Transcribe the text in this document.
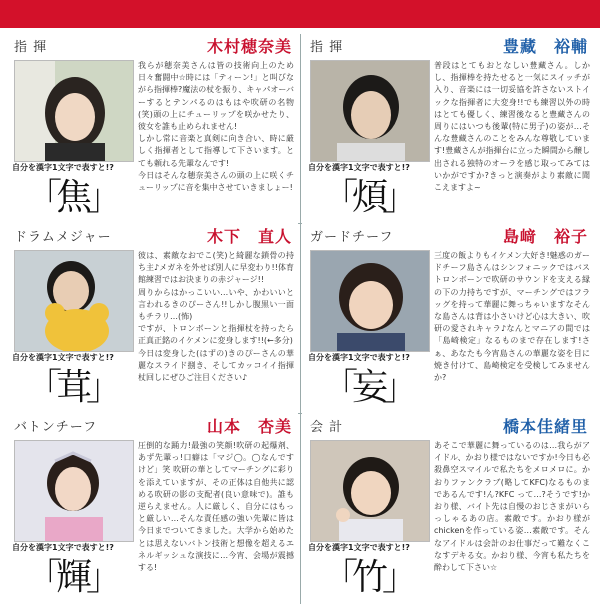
指 揮	木村穂奈美
自分を漢字1文字で表すと!?
「
焦
」
我らが穂奈美さんは皆の技術向上のため日々奮闘中☆時には「ティーン!」と叫びながら指揮棒?魔法の杖を振り、キャパオーバーするとテンパるのはもはや吹研の名物(笑)頭の上にチューリップを咲かせたり、彼女を誰も止められません!
しかし常に音楽と真剣に向き合い、時に厳しく指揮者として指導して下さいます。とても頼れる先輩なんです!
今日はそんな穂奈美さんの頭の上に咲くチューリップに音を集中させていきましょー!
指 揮	豊藏　裕輔
自分を漢字1文字で表すと!?
「
煩
」
普段はとてもおとなしい豊藏さん。しかし、指揮棒を持たせると一気にスイッチが入り、音楽には一切妥協を許さないストイックな指揮者に大変身!!でも練習以外の時はとても優しく、練習後なると豊藏さんの周りにはいつも後輩(特に男子)の姿が…そんな豊藏さんのことをみんな尊敬しています!豊藏さんが指揮台に立った瞬間から醸し出される独特のオーラを感じ取ってみてはいかがですか?きっと演奏がより素敵に聞こえますよ~
ドラムメジャー	木下　直人
自分を漢字1文字で表すと!?
「
茸
」
彼は、素敵なおでこ(笑)と綺麗な鎖骨の持ち主♪メガネを外せば別人に早変わり!!体育館練習ではお決まりの赤ジャージ!!
周りからはかっこいい…いや、かわいいと言われるきのぴーさん!!しかし腹黒い一面もチラリ…(怖)
ですが、トロンボーンと指揮杖を持ったら正真正銘のイケメンに変身します!!(←多分)
今日は変身した(はずの)きのぴーさんの華麗なスライド捌き、そしてカッコイイ指揮杖回しにぜひご注目ください♪
ガードチーフ	島﨑　裕子
自分を漢字1文字で表すと!?
「
妄
」
三度の飯よりもイケメン大好き!魅惑のガードチーフ島さんはシンフォニックではバストロンボーンで吹研のサウンドを支える縁の下の力持ちですが、マーチングではフラッグを持って華麗に舞っちゃいますなそんな島さんは背は小さいけど心は大きい、吹研の愛されキャラ♪なんとマニアの間では「島崎検定」なるものまで存在します!さぁ、あなたも今宵島さんの華麗な姿を目に焼き付けて、島崎検定を受検してみませんか?
バトンチーフ	山本　杏美
自分を漢字1文字で表すと!?
「
輝
」
圧倒的な踊力!最強の笑顔!吹研の起爆剤、あず先輩っ!口癖は「マジ◯。◯なんですけど」笑 吹研の華としてマーチングに彩りを添えていますが、その正体は自他共に認める吹研の影の支配者(良い意味で)。誰も逆らえません。人に厳しく、自分にはもっと厳しい…そんな責任感の強い先輩に皆は今日までついてきました。大学から始めたとは思えないバトン技術と想像を超えるエネルギッシュな演技に…今宵、会場が震撼する!
会 計	橋本佳緒里
自分を漢字1文字で表すと!?
「
竹
」
あそこで華麗に舞っているのは…我らがアイドル、かおり様ではないですか!今日も必殺鼻空スマイルで私たちをメロメロに。かおりファンクラブ(略してKFC)なるものまであるんです!ん?KFC って…?そうです!かおり様、バイト先は自慢のおじさまがいらっしゃるあの店。素敵です。かおり様がchickenを作っている姿…素敵です。そんなアイドルは会計のお仕事だって難なくこなすデキる女。かおり様、今宵も私たちを酔わして下さい☆
